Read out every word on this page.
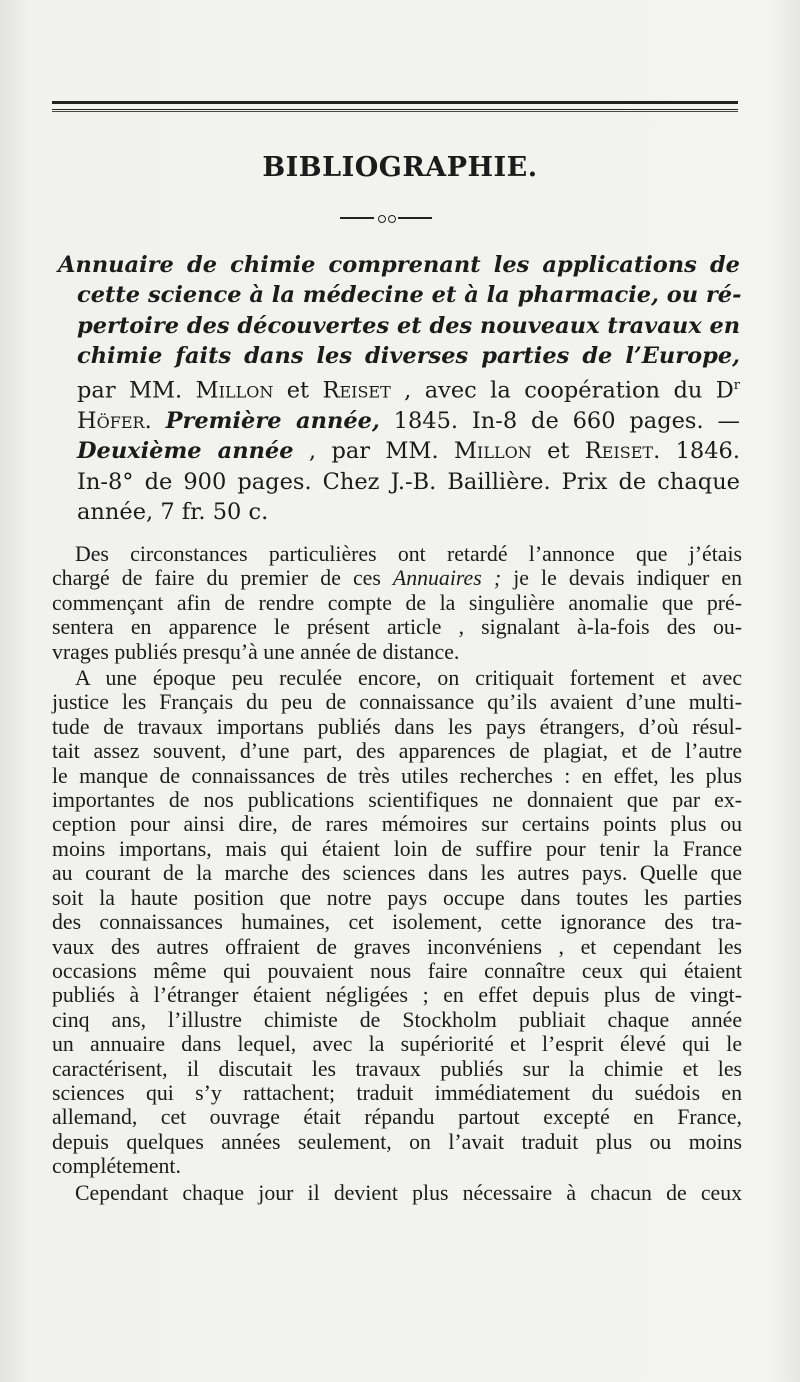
BIBLIOGRAPHIE.
Annuaire de chimie comprenant les applications de
cette science à la médecine et à la pharmacie, ou ré-
pertoire des découvertes et des nouveaux travaux en
chimie faits dans les diverses parties de l’Europe,
par MM. Millon et Reiset , avec la coopération du $D^r$
Höfer. Première année, 1845. In-8 de 660 pages. —
Deuxième année , par MM. Millon et Reiset. 1846.
In-8° de 900 pages. Chez J.-B. Baillière. Prix de chaque
année, 7 fr. 50 c.
Des circonstances particulières ont retardé l’annonce que j’étais
chargé de faire du premier de ces Annuaires ; je le devais indiquer en
commençant afin de rendre compte de la singulière anomalie que pré-
sentera en apparence le présent article , signalant à-la-fois des ou-
vrages publiés presqu’à une année de distance.
A une époque peu reculée encore, on critiquait fortement et avec
justice les Français du peu de connaissance qu’ils avaient d’une multi-
tude de travaux importans publiés dans les pays étrangers, d’où résul-
tait assez souvent, d’une part, des apparences de plagiat, et de l’autre
le manque de connaissances de très utiles recherches : en effet, les plus
importantes de nos publications scientifiques ne donnaient que par ex-
ception pour ainsi dire, de rares mémoires sur certains points plus ou
moins importans, mais qui étaient loin de suffire pour tenir la France
au courant de la marche des sciences dans les autres pays. Quelle que
soit la haute position que notre pays occupe dans toutes les parties
des connaissances humaines, cet isolement, cette ignorance des tra-
vaux des autres offraient de graves inconvéniens , et cependant les
occasions même qui pouvaient nous faire connaître ceux qui étaient
publiés à l’étranger étaient négligées ; en effet depuis plus de vingt-
cinq ans, l’illustre chimiste de Stockholm publiait chaque année
un annuaire dans lequel, avec la supériorité et l’esprit élevé qui le
caractérisent, il discutait les travaux publiés sur la chimie et les
sciences qui s’y rattachent; traduit immédiatement du suédois en
allemand, cet ouvrage était répandu partout excepté en France,
depuis quelques années seulement, on l’avait traduit plus ou moins
complétement.
Cependant chaque jour il devient plus nécessaire à chacun de ceux
